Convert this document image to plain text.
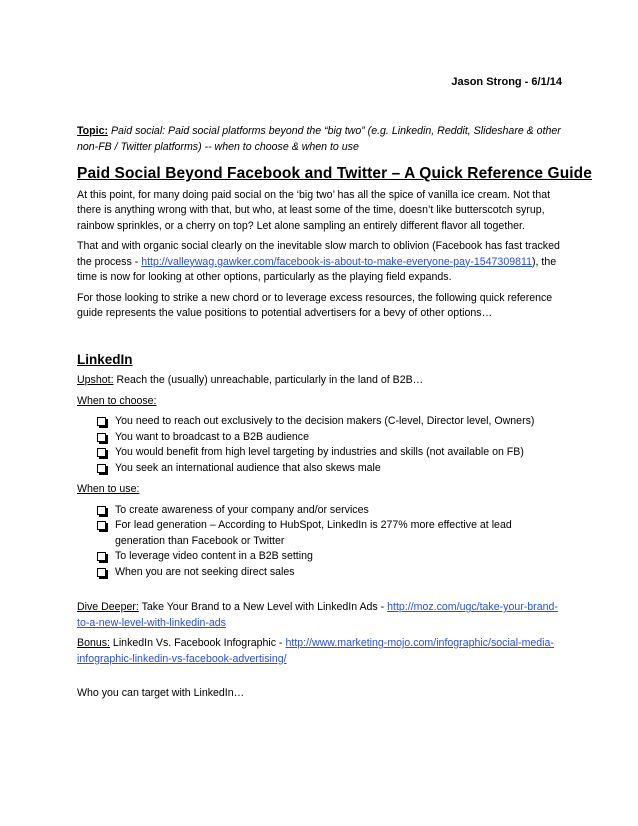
Jason Strong - 6/1/14

Topic: Paid social: Paid social platforms beyond the “big two” (e.g. Linkedin, Reddit, Slideshare & other non-FB / Twitter platforms) -- when to choose & when to use

Paid Social Beyond Facebook and Twitter – A Quick Reference Guide

At this point, for many doing paid social on the ‘big two’ has all the spice of vanilla ice cream. Not that there is anything wrong with that, but who, at least some of the time, doesn’t like butterscotch syrup, rainbow sprinkles, or a cherry on top? Let alone sampling an entirely different flavor all together.

That and with organic social clearly on the inevitable slow march to oblivion (Facebook has fast tracked the process - http://valleywag.gawker.com/facebook-is-about-to-make-everyone-pay-1547309811), the time is now for looking at other options, particularly as the playing field expands.

For those looking to strike a new chord or to leverage excess resources, the following quick reference guide represents the value positions to potential advertisers for a bevy of other options…

LinkedIn

Upshot: Reach the (usually) unreachable, particularly in the land of B2B…

When to choose:

You need to reach out exclusively to the decision makers (C-level, Director level, Owners)
You want to broadcast to a B2B audience
You would benefit from high level targeting by industries and skills (not available on FB)
You seek an international audience that also skews male

When to use:

To create awareness of your company and/or services
For lead generation – According to HubSpot, LinkedIn is 277% more effective at lead generation than Facebook or Twitter
To leverage video content in a B2B setting
When you are not seeking direct sales

Dive Deeper: Take Your Brand to a New Level with LinkedIn Ads - http://moz.com/ugc/take-your-brand-to-a-new-level-with-linkedin-ads

Bonus: LinkedIn Vs. Facebook Infographic - http://www.marketing-mojo.com/infographic/social-media-infographic-linkedin-vs-facebook-advertising/

Who you can target with LinkedIn…
